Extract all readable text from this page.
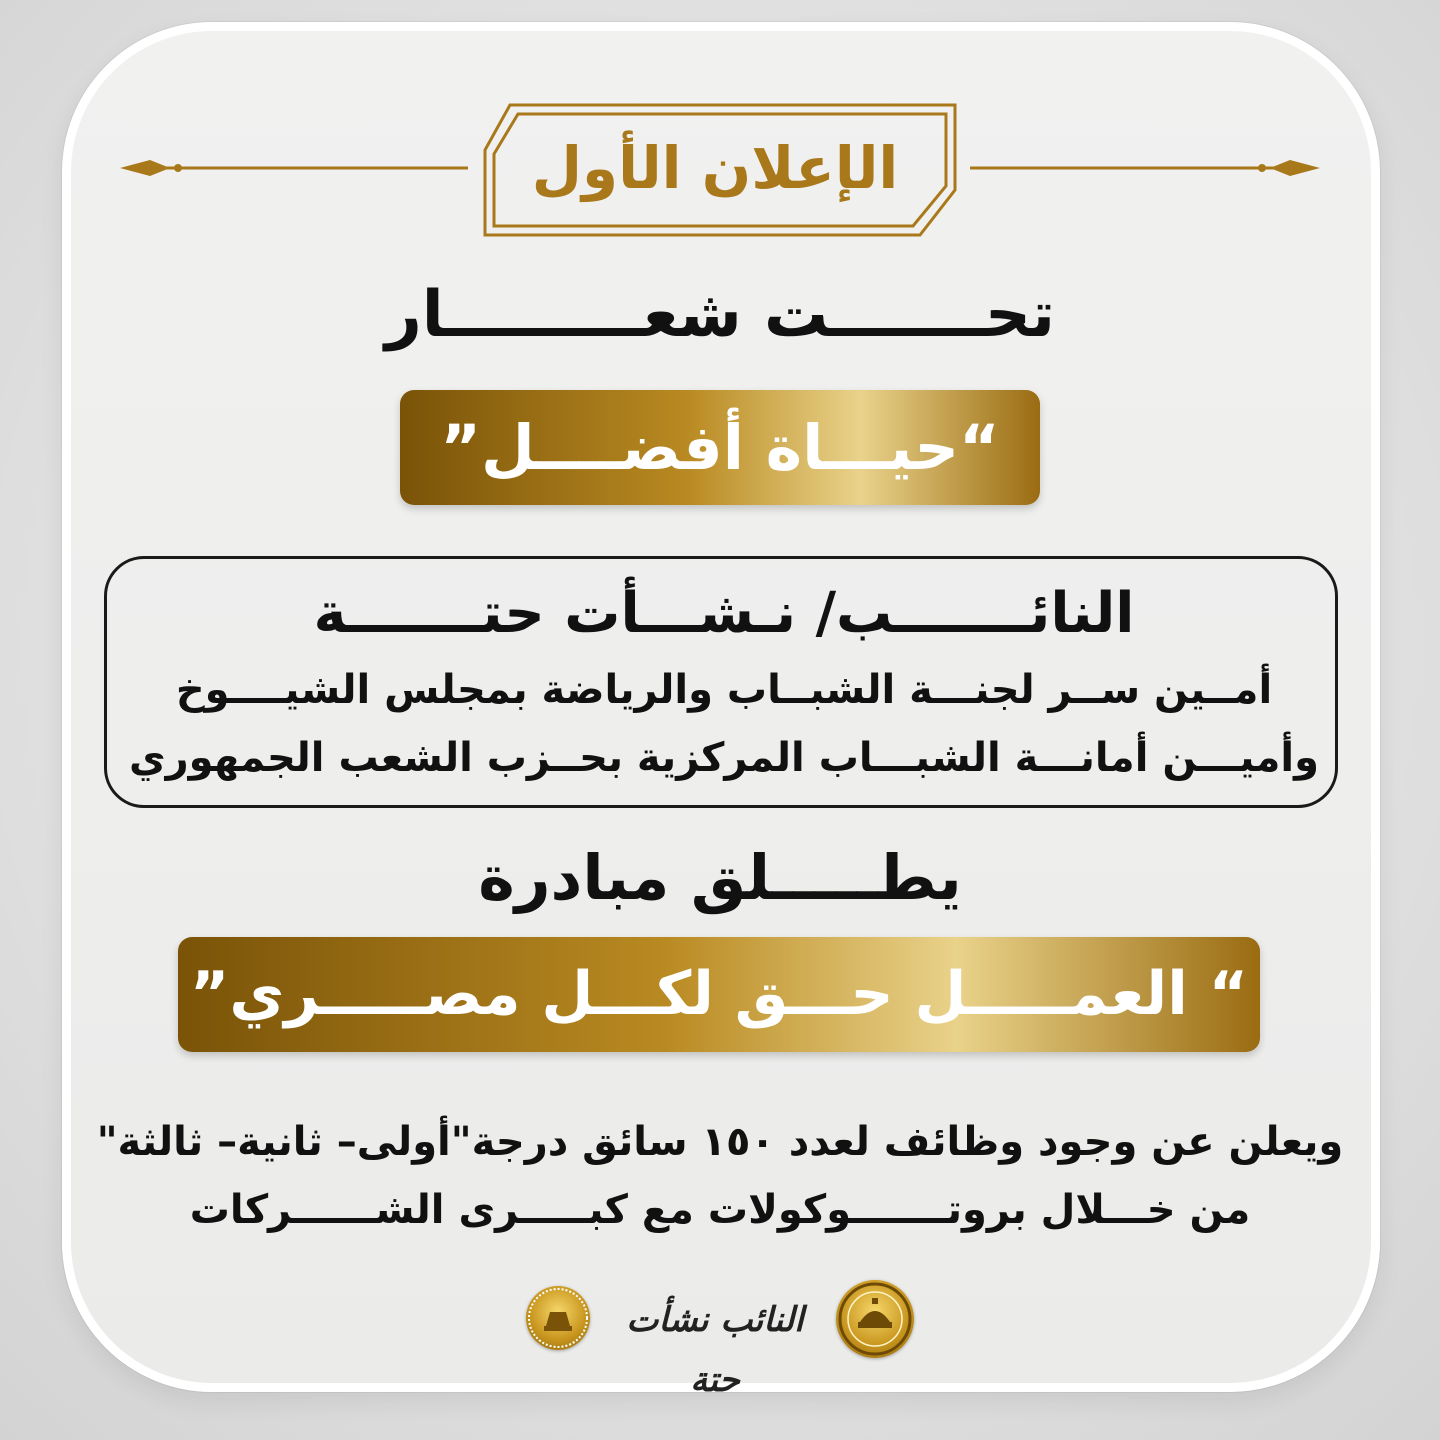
الإعلان الأول
تحـــــــت شعـــــــــار
“حيـــاة أفضــــل”
النائـــــــب/ نـشـــأت حتـــــــة
أمــين ســر لجنـــة الشبــاب والرياضة بمجلس الشيــــوخ
وأميـــن أمانـــة الشبـــاب المركزية بحــزب الشعب الجمهوري
يطـــــلق مبادرة
“ العمـــــل حـــق لكـــل مصـــــري”
ويعلن عن وجود وظائف لعدد ١٥٠ سائق درجة"أولى– ثانية– ثالثة"
من خـــلال بروتـــــــوكولات مع كبـــــرى الشــــــركات
النائب نشأت حتة
